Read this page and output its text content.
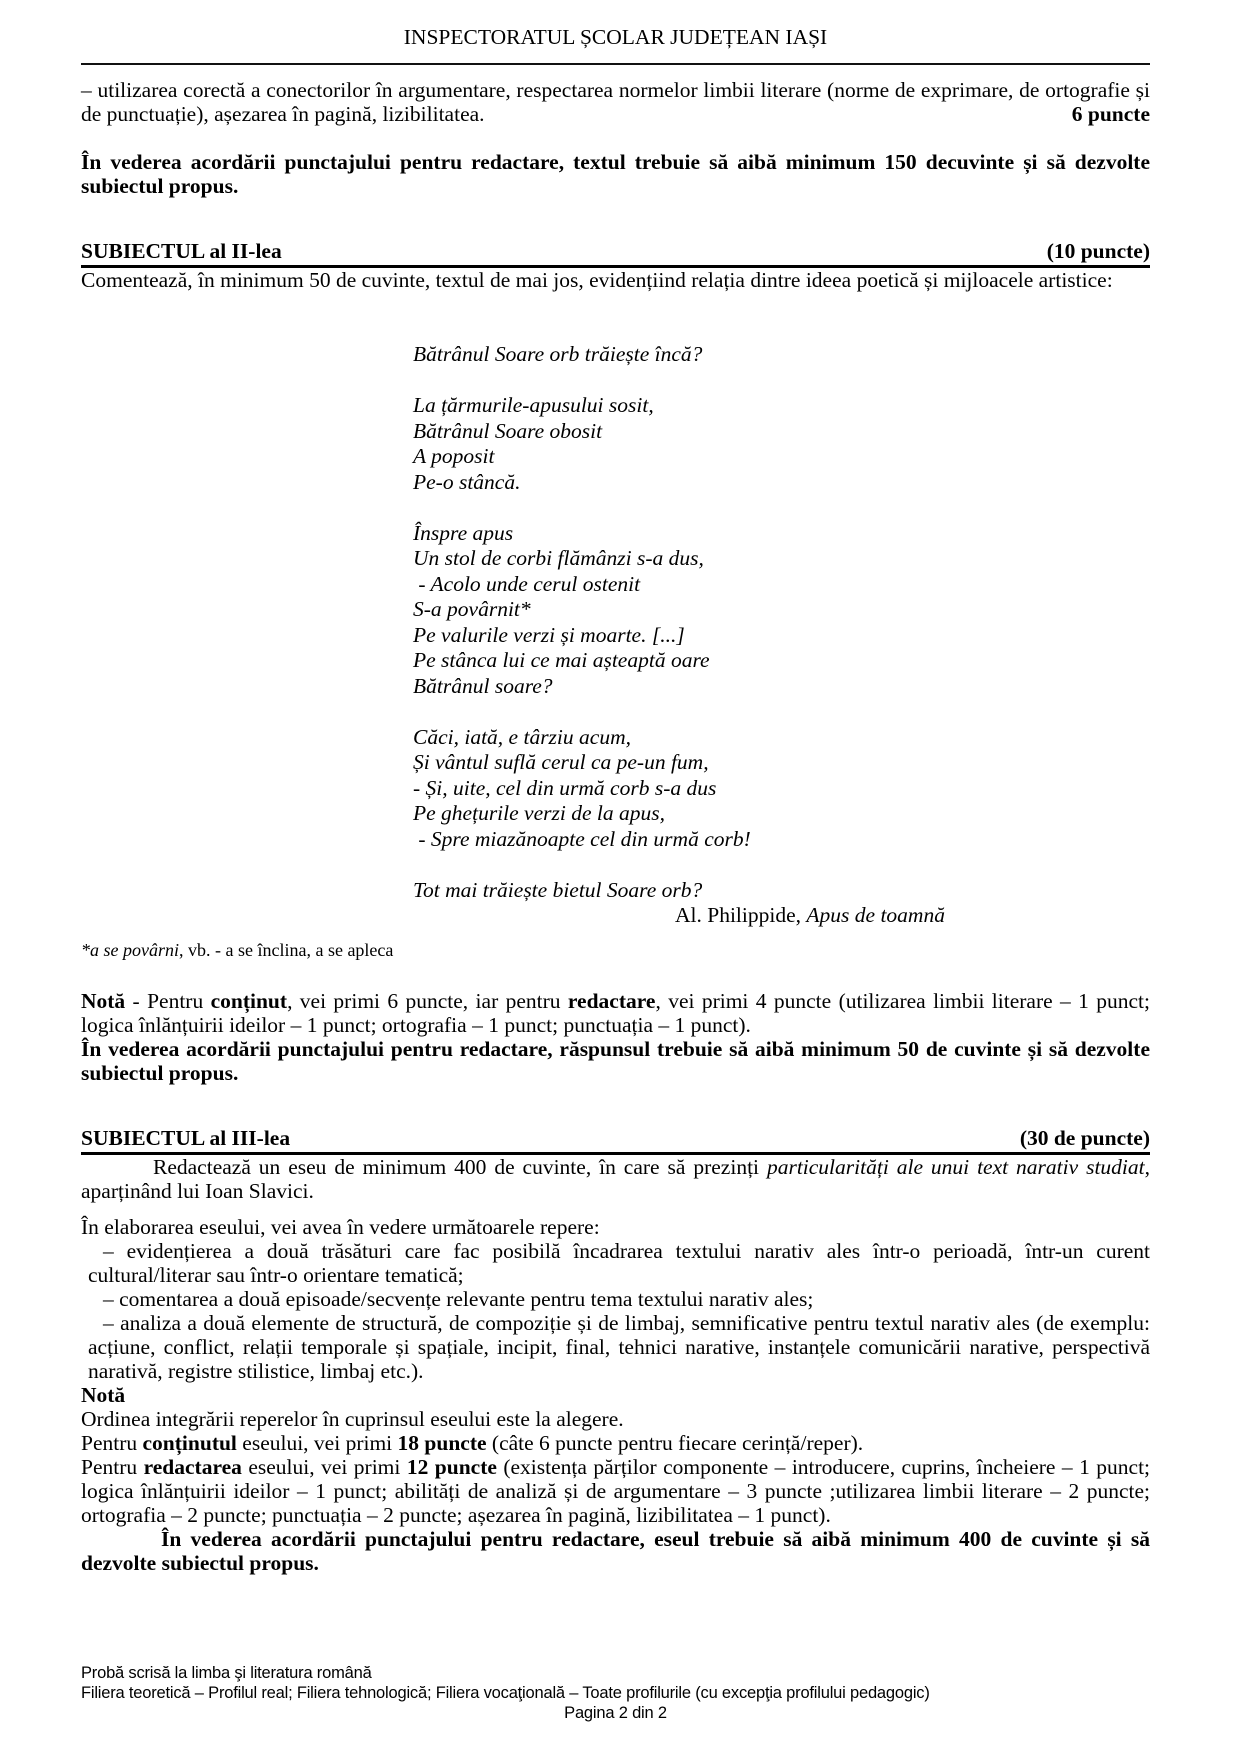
INSPECTORATUL ȘCOLAR JUDEȚEAN IAȘI

– utilizarea corectă a conectorilor în argumentare, respectarea normelor limbii literare (norme de exprimare, de ortografie și de punctuație), așezarea în pagină, lizibilitatea.	6 puncte

În vederea acordării punctajului pentru redactare, textul trebuie să aibă minimum 150 decuvinte și să dezvolte subiectul propus.

SUBIECTUL al II-lea	(10 puncte)

Comentează, în minimum 50 de cuvinte, textul de mai jos, evidențiind relația dintre ideea poetică și mijloacele artistice:

Bătrânul Soare orb trăiește încă?
La țărmurile-apusului sosit,
Bătrânul Soare obosit
A poposit
Pe-o stâncă.
Înspre apus
Un stol de corbi flămânzi s-a dus,
- Acolo unde cerul ostenit
S-a povârnit*
Pe valurile verzi și moarte. [...]
Pe stânca lui ce mai așteaptă oare
Bătrânul soare?
Căci, iată, e târziu acum,
Și vântul suflă cerul ca pe-un fum,
- Și, uite, cel din urmă corb s-a dus
Pe ghețurile verzi de la apus,
- Spre miazănoapte cel din urmă corb!
Tot mai trăiește bietul Soare orb?
Al. Philippide, Apus de toamnă

*a se povârni, vb. - a se înclina, a se apleca

Notă - Pentru conținut, vei primi 6 puncte, iar pentru redactare, vei primi 4 puncte (utilizarea limbii literare – 1 punct; logica înlănțuirii ideilor – 1 punct; ortografia – 1 punct; punctuația – 1 punct).

În vederea acordării punctajului pentru redactare, răspunsul trebuie să aibă minimum 50 de cuvinte și să dezvolte subiectul propus.

SUBIECTUL al III-lea	(30 de puncte)

Redactează un eseu de minimum 400 de cuvinte, în care să prezinți particularități ale unui text narativ studiat, aparținând lui Ioan Slavici.

În elaborarea eseului, vei avea în vedere următoarele repere:

– evidențierea a două trăsături care fac posibilă încadrarea textului narativ ales într-o perioadă, într-un curent cultural/literar sau într-o orientare tematică;

– comentarea a două episoade/secvențe relevante pentru tema textului narativ ales;

– analiza a două elemente de structură, de compoziție și de limbaj, semnificative pentru textul narativ ales (de exemplu: acțiune, conflict, relații temporale și spațiale, incipit, final, tehnici narative, instanțele comunicării narative, perspectivă narativă, registre stilistice, limbaj etc.).

Notă

Ordinea integrării reperelor în cuprinsul eseului este la alegere.

Pentru conținutul eseului, vei primi 18 puncte (câte 6 puncte pentru fiecare cerință/reper).

Pentru redactarea eseului, vei primi 12 puncte (existența părților componente – introducere, cuprins, încheiere – 1 punct; logica înlănțuirii ideilor – 1 punct; abilități de analiză și de argumentare – 3 puncte ;utilizarea limbii literare – 2 puncte; ortografia – 2 puncte; punctuația – 2 puncte; așezarea în pagină, lizibilitatea – 1 punct).

În vederea acordării punctajului pentru redactare, eseul trebuie să aibă minimum 400 de cuvinte și să dezvolte subiectul propus.

Probă scrisă la limba şi literatura română
Filiera teoretică – Profilul real; Filiera tehnologică; Filiera vocaţională – Toate profilurile (cu excepţia profilului pedagogic)
Pagina 2 din 2
